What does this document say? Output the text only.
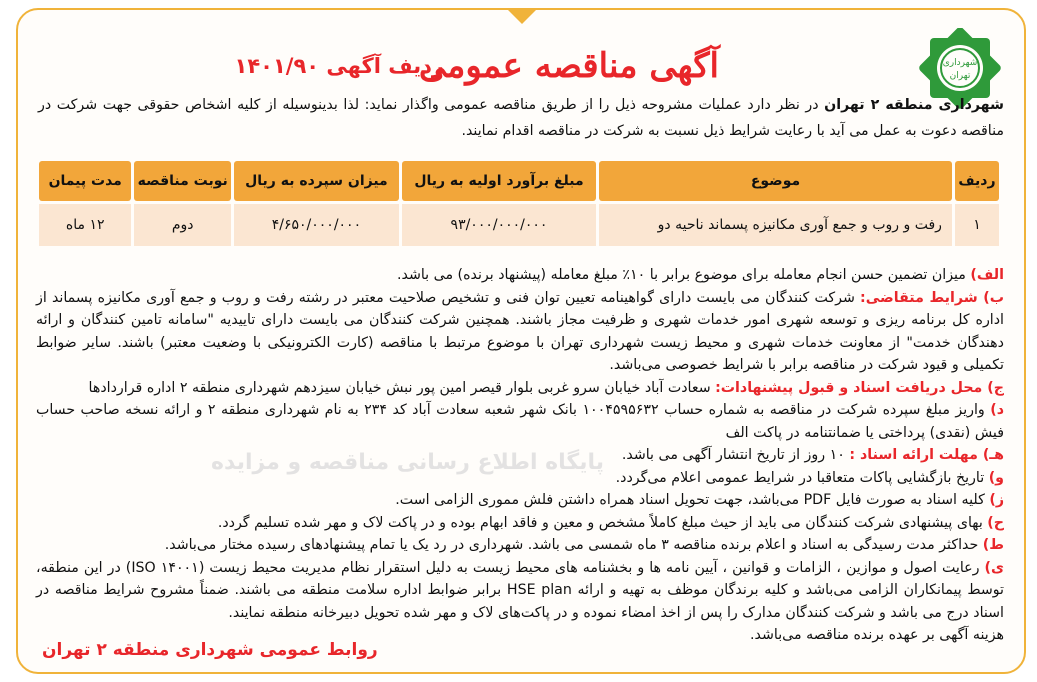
شهرداری
تهران
آگهی مناقصه عمومی
ردیف آگهی ۱۴۰۱/۹۰
شهرداری منطقه ۲ تهران در نظر دارد عملیات مشروحه ذیل را از طریق مناقصه عمومی واگذار نماید: لذا بدینوسیله از کلیه اشخاص حقوقی جهت شرکت در مناقصه دعوت به عمل می آید با رعایت شرایط ذیل نسبت به شرکت در مناقصه اقدام نمایند.
ردیف	موضوع	مبلغ برآورد اولیه به ریال	میزان سپرده به ریال	نوبت مناقصه	مدت پیمان
۱	رفت و روب و جمع آوری مکانیزه پسماند ناحیه دو	۹۳/۰۰۰/۰۰۰/۰۰۰	۴/۶۵۰/۰۰۰/۰۰۰	دوم	۱۲ ماه
پایگاه اطلاع رسانی مناقصه و مزایده

الف) میزان تضمین حسن انجام معامله برای موضوع برابر با ۱۰٪ مبلغ معامله (پیشنهاد برنده) می باشد.

ب) شرایط متقاضی: شرکت کنندگان می بایست دارای گواهینامه تعیین توان فنی و تشخیص صلاحیت معتبر در رشته رفت و روب و جمع آوری مکانیزه پسماند از اداره کل برنامه ریزی و توسعه شهری امور خدمات شهری و ظرفیت مجاز باشند. همچنین شرکت کنندگان می بایست دارای تاییدیه "سامانه تامین کنندگان و ارائه دهندگان خدمت" از معاونت خدمات شهری و محیط زیست شهرداری تهران با موضوع مرتبط با مناقصه (کارت الکترونیکی با وضعیت معتبر) باشند. سایر ضوابط تکمیلی و قیود شرکت در مناقصه برابر با شرایط خصوصی می‌باشد.

ج) محل دریافت اسناد و قبول پیشنهادات: سعادت آباد خیابان سرو غربی بلوار قیصر امین پور نبش خیابان سیزدهم شهرداری منطقه ۲ اداره قراردادها

د) واریز مبلغ سپرده شرکت در مناقصه به شماره حساب ۱۰۰۴۵۹۵۶۳۲ بانک شهر شعبه سعادت آباد کد ۲۳۴ به نام شهرداری منطقه ۲ و ارائه نسخه صاحب حساب فیش (نقدی) پرداختی یا ضمانتنامه در پاکت الف

هـ) مهلت ارائه اسناد : ۱۰ روز از تاریخ انتشار آگهی می باشد.

و) تاریخ بازگشایی پاکات متعاقبا در شرایط عمومی اعلام می‌گردد.

ز) کلیه اسناد به صورت فایل PDF می‌باشد، جهت تحویل اسناد همراه داشتن فلش مموری الزامی است.

ح) بهای پیشنهادی شرکت کنندگان می باید از حیث مبلغ کاملاً مشخص و معین و فاقد ابهام بوده و در پاکت لاک و مهر شده تسلیم گردد.

ط) حداکثر مدت رسیدگی به اسناد و اعلام برنده مناقصه ۳ ماه شمسی می باشد. شهرداری در رد یک یا تمام پیشنهادهای رسیده مختار می‌باشد.

ی) رعایت اصول و موازین ، الزامات و قوانین ، آیین نامه ها و بخشنامه های محیط زیست به دلیل استقرار نظام مدیریت محیط زیست (ISO ۱۴۰۰۱) در این منطقه، توسط پیمانکاران الزامی می‌باشد و کلیه برندگان موظف به تهیه و ارائه HSE plan برابر ضوابط اداره سلامت منطقه می باشند. ضمناً مشروح شرایط مناقصه در اسناد درج می باشد و شرکت کنندگان مدارک را پس از اخذ امضاء نموده و در پاکت‌های لاک و مهر شده تحویل دبیرخانه منطقه نمایند.

هزینه آگهی بر عهده برنده مناقصه می‌باشد.

روابط عمومی شهرداری منطقه ۲ تهران
